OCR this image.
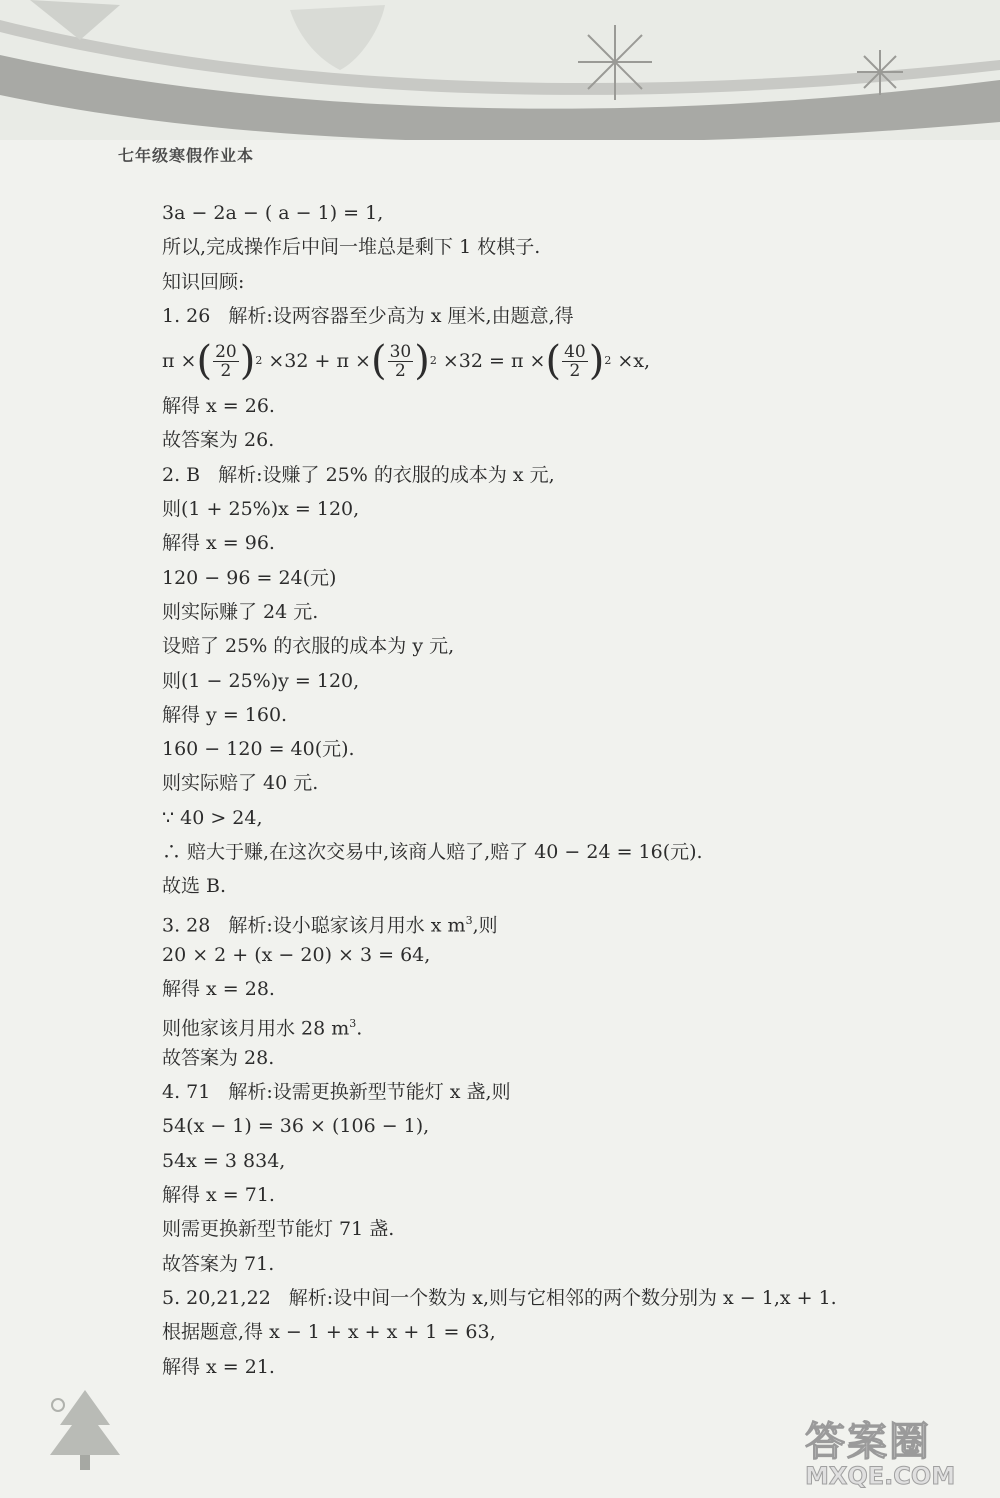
七年级寒假作业本
3a − 2a − ( a − 1) = 1,
所以,完成操作后中间一堆总是剩下 1 枚棋子.
知识回顾:
1. 26 解析:设两容器至少高为 x 厘米,由题意,得
π
× ( $\frac{20}{2}$ ) 2
× 32
+
π
× ( $\frac{30}{2}$ ) 2
× 32
=
π
× ( $\frac{40}{2}$ ) 2
× x,
解得 x = 26.
故答案为 26.
2. B 解析:设赚了 25% 的衣服的成本为 x 元,
则(1 + 25%)x = 120,
解得 x = 96.
120 − 96 = 24(元)
则实际赚了 24 元.
设赔了 25% 的衣服的成本为 y 元,
则(1 − 25%)y = 120,
解得 y = 160.
160 − 120 = 40(元).
则实际赔了 40 元.
∵ 40 > 24,
∴ 赔大于赚,在这次交易中,该商人赔了,赔了 40 − 24 = 16(元).
故选 B.
3. 28 解析:设小聪家该月用水 x $m^3$,则
20 × 2 + (x − 20) × 3 = 64,
解得 x = 28.
则他家该月用水 28 $m^3$.
故答案为 28.
4. 71 解析:设需更换新型节能灯 x 盏,则
54(x − 1) = 36 × (106 − 1),
54x = 3 834,
解得 x = 71.
则需更换新型节能灯 71 盏.
故答案为 71.
5. 20,21,22 解析:设中间一个数为 x,则与它相邻的两个数分别为 x − 1,x + 1.
根据题意,得 x − 1 + x + x + 1 = 63,
解得 x = 21.
答案圈
MXQE.COM
